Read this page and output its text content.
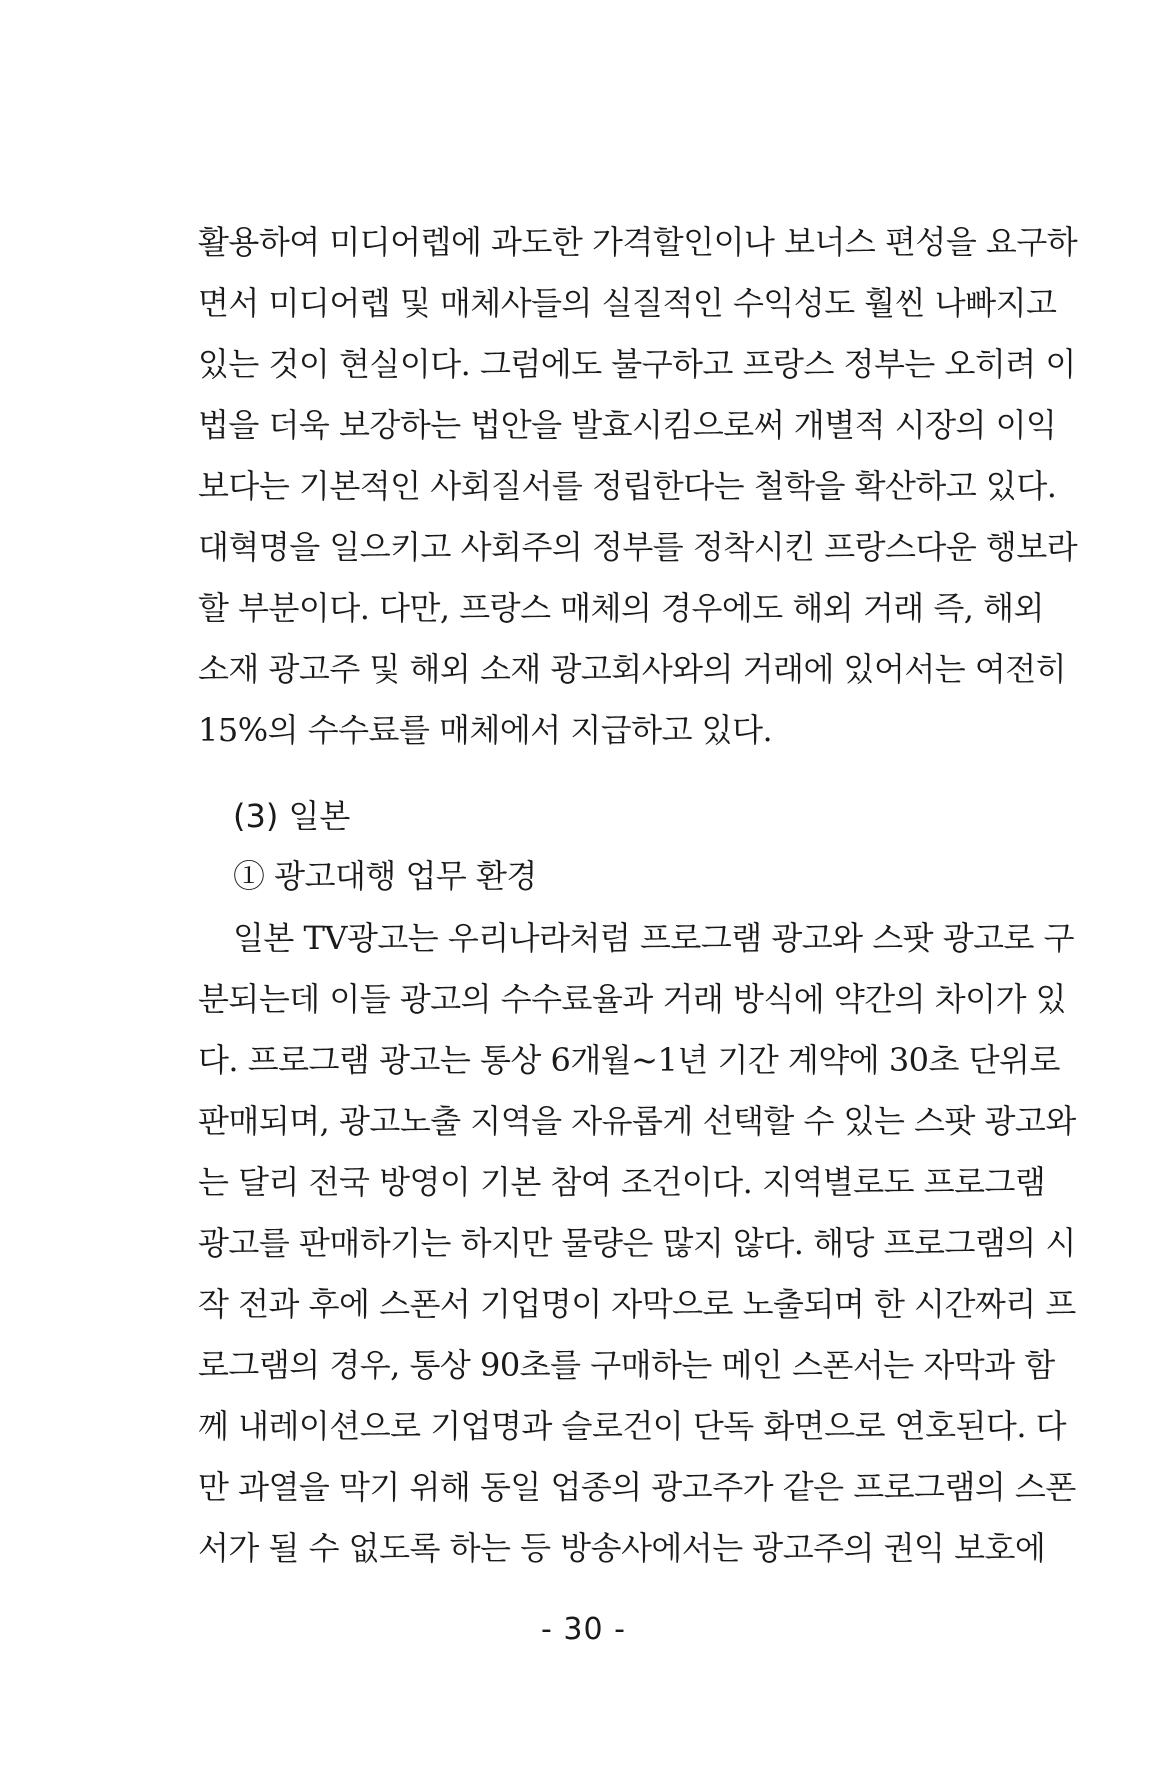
활용하여 미디어렙에 과도한 가격할인이나 보너스 편성을 요구하
면서 미디어렙 및 매체사들의 실질적인 수익성도 훨씬 나빠지고
있는 것이 현실이다. 그럼에도 불구하고 프랑스 정부는 오히려 이
법을 더욱 보강하는 법안을 발효시킴으로써 개별적 시장의 이익
보다는 기본적인 사회질서를 정립한다는 철학을 확산하고 있다.
대혁명을 일으키고 사회주의 정부를 정착시킨 프랑스다운 행보라
할 부분이다. 다만, 프랑스 매체의 경우에도 해외 거래 즉, 해외
소재 광고주 및 해외 소재 광고회사와의 거래에 있어서는 여전히
15%의 수수료를 매체에서 지급하고 있다.
(3) 일본
① 광고대행 업무 환경
일본 TV광고는 우리나라처럼 프로그램 광고와 스팟 광고로 구
분되는데 이들 광고의 수수료율과 거래 방식에 약간의 차이가 있
다. 프로그램 광고는 통상 6개월~1년 기간 계약에 30초 단위로
판매되며, 광고노출 지역을 자유롭게 선택할 수 있는 스팟 광고와
는 달리 전국 방영이 기본 참여 조건이다. 지역별로도 프로그램
광고를 판매하기는 하지만 물량은 많지 않다. 해당 프로그램의 시
작 전과 후에 스폰서 기업명이 자막으로 노출되며 한 시간짜리 프
로그램의 경우, 통상 90초를 구매하는 메인 스폰서는 자막과 함
께 내레이션으로 기업명과 슬로건이 단독 화면으로 연호된다. 다
만 과열을 막기 위해 동일 업종의 광고주가 같은 프로그램의 스폰
서가 될 수 없도록 하는 등 방송사에서는 광고주의 권익 보호에
- 30 -
